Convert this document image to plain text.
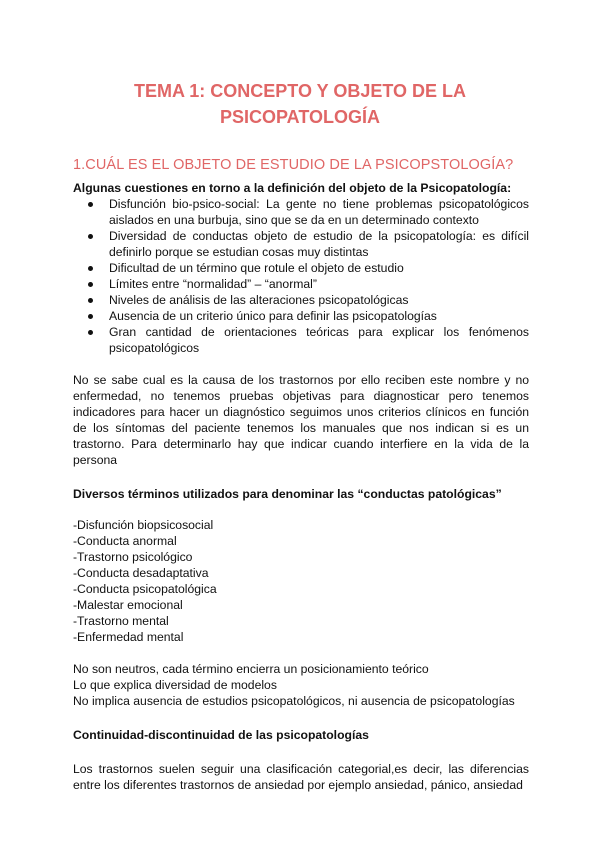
TEMA 1: CONCEPTO Y OBJETO DE LA
PSICOPATOLOGÍA
1.CUÁL ES EL OBJETO DE ESTUDIO DE LA PSICOPSTOLOGÍA?

Algunas cuestiones en torno a la definición del objeto de la Psicopatología:

Disfunción bio-psico-social: La gente no tiene problemas psicopatológicos aislados en una burbuja, sino que se da en un determinado contexto
Diversidad de conductas objeto de estudio de la psicopatología: es difícil definirlo porque se estudian cosas muy distintas
Dificultad de un término que rotule el objeto de estudio
Límites entre “normalidad” – “anormal”
Niveles de análisis de las alteraciones psicopatológicas
Ausencia de un criterio único para definir las psicopatologías
Gran cantidad de orientaciones teóricas para explicar los fenómenos psicopatológicos

No se sabe cual es la causa de los trastornos por ello reciben este nombre y no enfermedad, no tenemos pruebas objetivas para diagnosticar pero tenemos indicadores para hacer un diagnóstico seguimos unos criterios clínicos en función de los síntomas del paciente tenemos los manuales que nos indican si es un trastorno. Para determinarlo hay que indicar cuando interfiere en la vida de la persona

Diversos términos utilizados para denominar las “conductas patológicas”

-Disfunción biopsicosocial

-Conducta anormal

-Trastorno psicológico

-Conducta desadaptativa

-Conducta psicopatológica

-Malestar emocional

-Trastorno mental

-Enfermedad mental

No son neutros, cada término encierra un posicionamiento teórico

Lo que explica diversidad de modelos

No implica ausencia de estudios psicopatológicos, ni ausencia de psicopatologías

Continuidad-discontinuidad de las psicopatologías

Los trastornos suelen seguir una clasificación categorial,es decir, las diferencias entre los diferentes trastornos de ansiedad por ejemplo ansiedad, pánico, ansiedad
